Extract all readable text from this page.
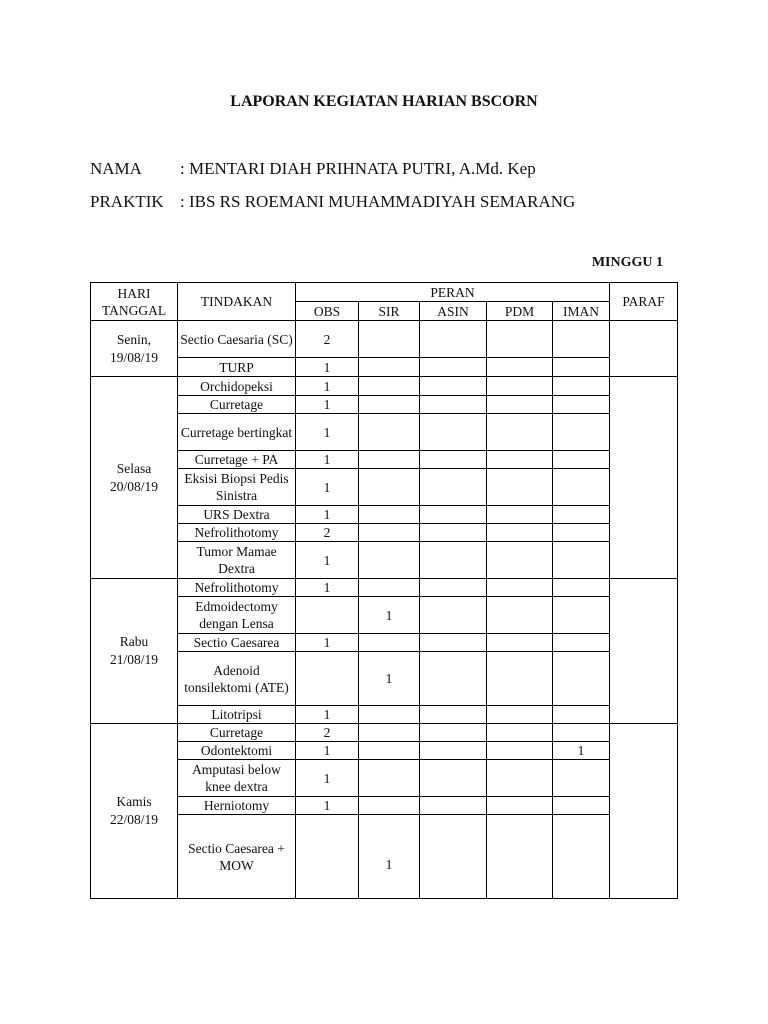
LAPORAN KEGIATAN HARIAN BSCORN
NAMA : MENTARI DIAH PRIHNATA PUTRI, A.Md. Kep
PRAKTIK : IBS RS ROEMANI MUHAMMADIYAH SEMARANG
MINGGU 1
HARI
TANGGAL	TINDAKAN	PERAN					PARAF
		OBS	SIR	ASIN	PDM	IMAN	
Senin,
19/08/19	Sectio Caesaria (SC)	2					
	TURP	1					
Selasa
20/08/19	Orchidopeksi	1					
	Curretage	1					
	Curretage bertingkat	1					
	Curretage + PA	1					
	Eksisi Biopsi Pedis Sinistra	1					
	URS Dextra	1					
	Nefrolithotomy	2					
	Tumor Mamae Dextra	1					
Rabu
21/08/19	Nefrolithotomy	1					
	Edmoidectomy dengan Lensa		1				
	Sectio Caesarea	1					
	Adenoid tonsilektomi (ATE)		1				
	Litotripsi	1					
Kamis
22/08/19	Curretage	2					
	Odontektomi	1				1	
	Amputasi below knee dextra	1					
	Herniotomy	1					
	Sectio Caesarea + MOW		1				
